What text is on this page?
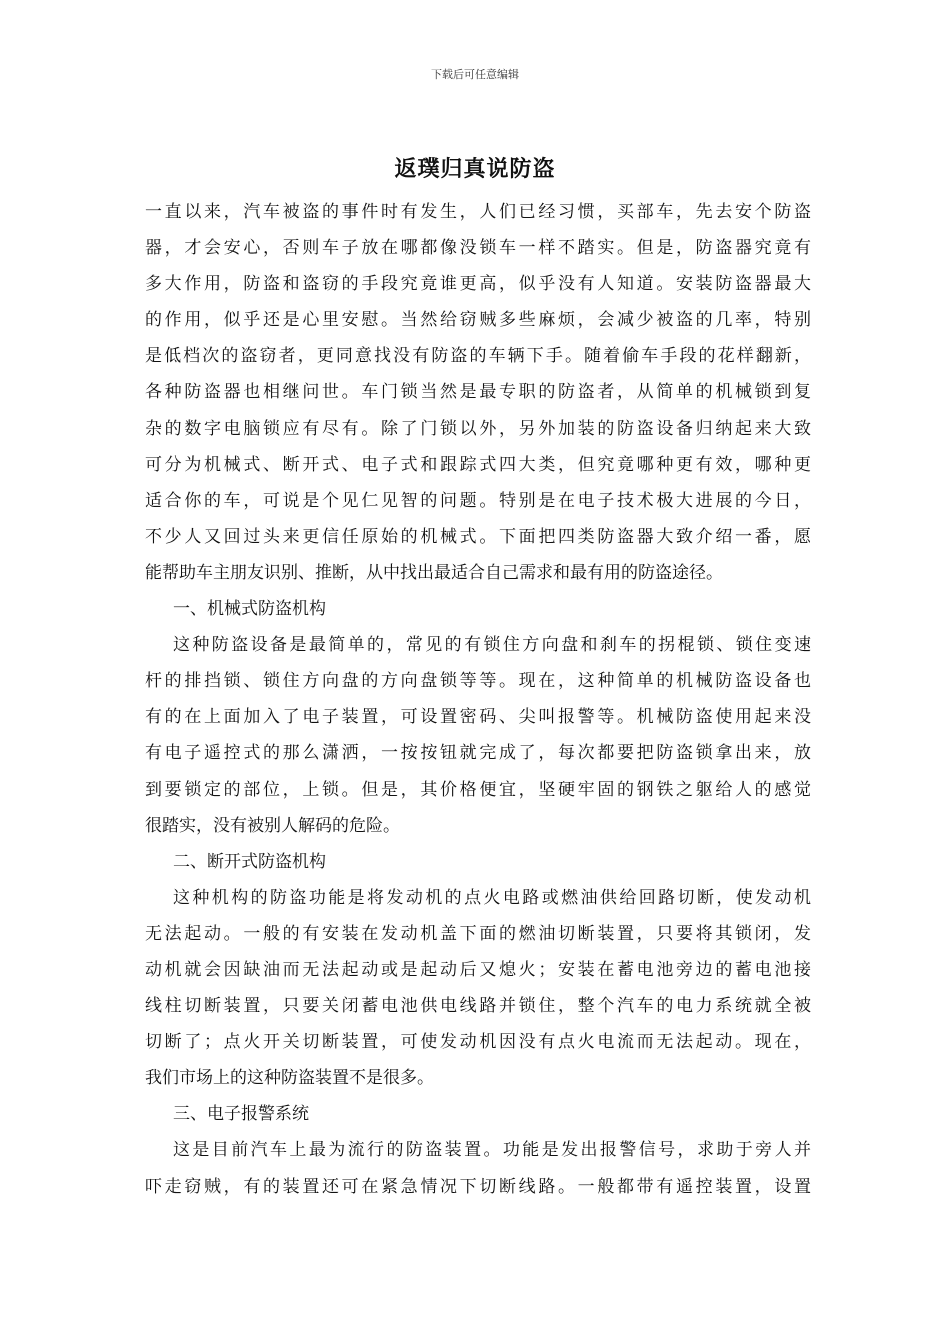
下载后可任意编辑
返璞归真说防盗
一直以来，汽车被盗的事件时有发生，人们已经习惯，买部车，先去安个防盗
器，才会安心，否则车子放在哪都像没锁车一样不踏实。但是，防盗器究竟有
多大作用，防盗和盗窃的手段究竟谁更高，似乎没有人知道。安装防盗器最大
的作用，似乎还是心里安慰。当然给窃贼多些麻烦，会减少被盗的几率，特别
是低档次的盗窃者，更同意找没有防盗的车辆下手。随着偷车手段的花样翻新，
各种防盗器也相继问世。车门锁当然是最专职的防盗者，从简单的机械锁到复
杂的数字电脑锁应有尽有。除了门锁以外，另外加装的防盗设备归纳起来大致
可分为机械式、断开式、电子式和跟踪式四大类，但究竟哪种更有效，哪种更
适合你的车，可说是个见仁见智的问题。特别是在电子技术极大进展的今日，
不少人又回过头来更信任原始的机械式。下面把四类防盗器大致介绍一番，愿
能帮助车主朋友识别、推断，从中找出最适合自己需求和最有用的防盗途径。
一、机械式防盗机构
这种防盗设备是最简单的，常见的有锁住方向盘和刹车的拐棍锁、锁住变速
杆的排挡锁、锁住方向盘的方向盘锁等等。现在，这种简单的机械防盗设备也
有的在上面加入了电子装置，可设置密码、尖叫报警等。机械防盗使用起来没
有电子遥控式的那么潇洒，一按按钮就完成了，每次都要把防盗锁拿出来，放
到要锁定的部位，上锁。但是，其价格便宜，坚硬牢固的钢铁之躯给人的感觉
很踏实，没有被别人解码的危险。
二、断开式防盗机构
这种机构的防盗功能是将发动机的点火电路或燃油供给回路切断，使发动机
无法起动。一般的有安装在发动机盖下面的燃油切断装置，只要将其锁闭，发
动机就会因缺油而无法起动或是起动后又熄火；安装在蓄电池旁边的蓄电池接
线柱切断装置，只要关闭蓄电池供电线路并锁住，整个汽车的电力系统就全被
切断了；点火开关切断装置，可使发动机因没有点火电流而无法起动。现在，
我们市场上的这种防盗装置不是很多。
三、电子报警系统
这是目前汽车上最为流行的防盗装置。功能是发出报警信号，求助于旁人并
吓走窃贼，有的装置还可在紧急情况下切断线路。一般都带有遥控装置，设置
